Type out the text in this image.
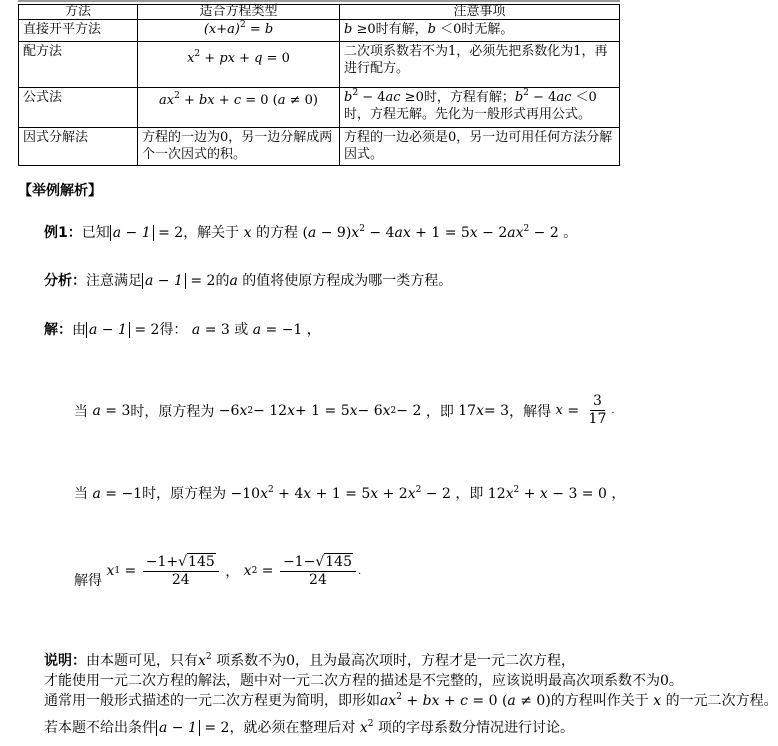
方法	适合方程类型	注意事项
直接开平方法	$(x+a)^2 = b$	b ≥0时有解，b ＜0时无解。
配方法	$x^2$ + px + q = 0	二次项系数若不为1，必须先把系数化为1，再进行配方。
公式法	$ax^2$ + bx + c = 0 (a ≠ 0)	$b^2 - 4ac \ge 0$时，方程有解；$b^2 - 4ac <0$
时，方程无解。先化为一般形式再用公式。
因式分解法	方程的一边为0，另一边分解成两个一次因式的积。	方程的一边必须是0，另一边可用任何方法分解因式。
【举例解析】
例1：已知 a − 1 = 2，解关于 x 的方程 $(a - 9)x^2 - 4ax + 1 = 5x - 2ax^2 - 2$ 。
分析：注意满足 a − 1 = 2的a 的值将使原方程成为哪一类方程。
解：由 a − 1 = 2得： a = 3 或 a = −1 ，
当
a = 3 时，原方程为 −6 x 2 − 12 x + 1 = 5 x − 6 x 2 − 2 ，即 17 x = 3 ，解得
$x = \frac{3}{17}$ .
当 a = −1时，原方程为 $-10x^2 + 4x + 1 = 5x + 2x^2 - 2$ ，即 $12x^2 + x - 3 = 0$ ，
解得

x $1 = \frac{-1+√145}{24}$ ， x $2 = \frac{-1-√145}{24}$ .
说明：由本题可见，只有$x^2$ 项系数不为0，且为最高次项时，方程才是一元二次方程，
才能使用一元二次方程的解法，题中对一元二次方程的描述是不完整的，应该说明最高次项系数不为0。
通常用一般形式描述的一元二次方程更为简明，即形如$ax^2$ + bx + c = 0 (a ≠ 0)的方程叫作关于 x 的一元二次方程。
若本题不给出条件 a − 1 = 2，就必须在整理后对 $x^2$ 项的字母系数分情况进行讨论。
